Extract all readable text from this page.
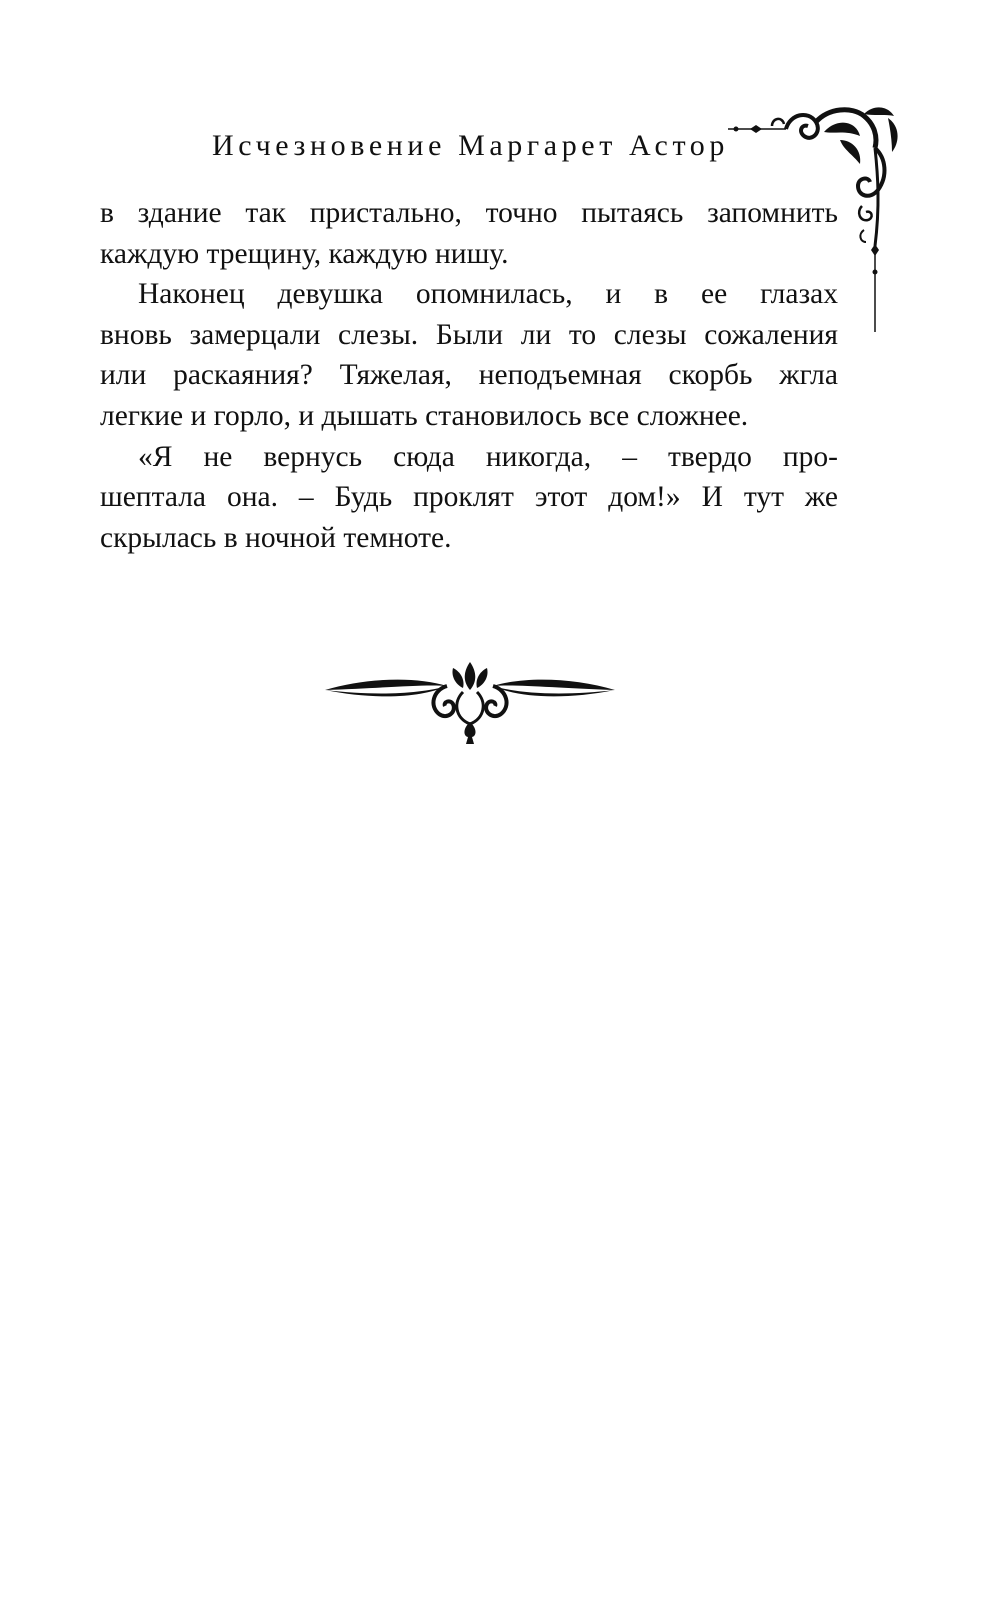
Исчезновение Маргарет Астор

в здание так пристально, точно пытаясь запомнить
каждую трещину, каждую нишу.

Наконец девушка опомнилась, и в ее глазах
вновь замерцали слезы. Были ли то слезы сожаления
или раскаяния? Тяжелая, неподъемная скорбь жгла
легкие и горло, и дышать становилось все сложнее.

«Я не вернусь сюда никогда, – твердо про-
шептала она. – Будь проклят этот дом!» И тут же
скрылась в ночной темноте.
